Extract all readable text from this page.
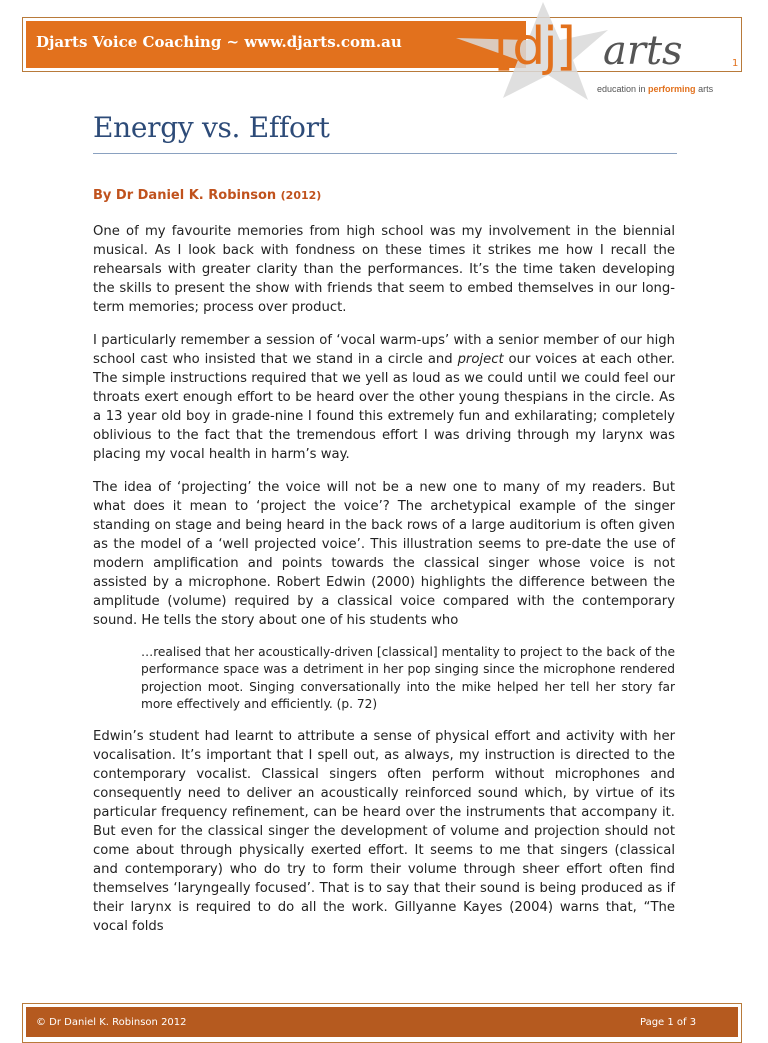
Djarts Voice Coaching ~ www.djarts.com.au [dj] arts	1
education in performing arts
Energy vs. Effort
By Dr Daniel K. Robinson (2012)

One of my favourite memories from high school was my involvement in the biennial musical. As I look back with fondness on these times it strikes me how I recall the rehearsals with greater clarity than the performances. It’s the time taken developing the skills to present the show with friends that seem to embed themselves in our long-term memories; process over product.

I particularly remember a session of ‘vocal warm-ups’ with a senior member of our high school cast who insisted that we stand in a circle and project our voices at each other. The simple instructions required that we yell as loud as we could until we could feel our throats exert enough effort to be heard over the other young thespians in the circle. As a 13 year old boy in grade-nine I found this extremely fun and exhilarating; completely oblivious to the fact that the tremendous effort I was driving through my larynx was placing my vocal health in harm’s way.

The idea of ‘projecting’ the voice will not be a new one to many of my readers. But what does it mean to ‘project the voice’? The archetypical example of the singer standing on stage and being heard in the back rows of a large auditorium is often given as the model of a ‘well projected voice’. This illustration seems to pre-date the use of modern amplification and points towards the classical singer whose voice is not assisted by a microphone. Robert Edwin (2000) highlights the difference between the amplitude (volume) required by a classical voice compared with the contemporary sound. He tells the story about one of his students who

…realised that her acoustically-driven [classical] mentality to project to the back of the performance space was a detriment in her pop singing since the microphone rendered projection moot. Singing conversationally into the mike helped her tell her story far more effectively and efficiently. (p. 72)

Edwin’s student had learnt to attribute a sense of physical effort and activity with her vocalisation. It’s important that I spell out, as always, my instruction is directed to the contemporary vocalist. Classical singers often perform without microphones and consequently need to deliver an acoustically reinforced sound which, by virtue of its particular frequency refinement, can be heard over the instruments that accompany it. But even for the classical singer the development of volume and projection should not come about through physically exerted effort. It seems to me that singers (classical and contemporary) who do try to form their volume through sheer effort often find themselves ‘laryngeally focused’. That is to say that their sound is being produced as if their larynx is required to do all the work. Gillyanne Kayes (2004) warns that, “The vocal folds

© Dr Daniel K. Robinson 2012	Page 1 of 3
